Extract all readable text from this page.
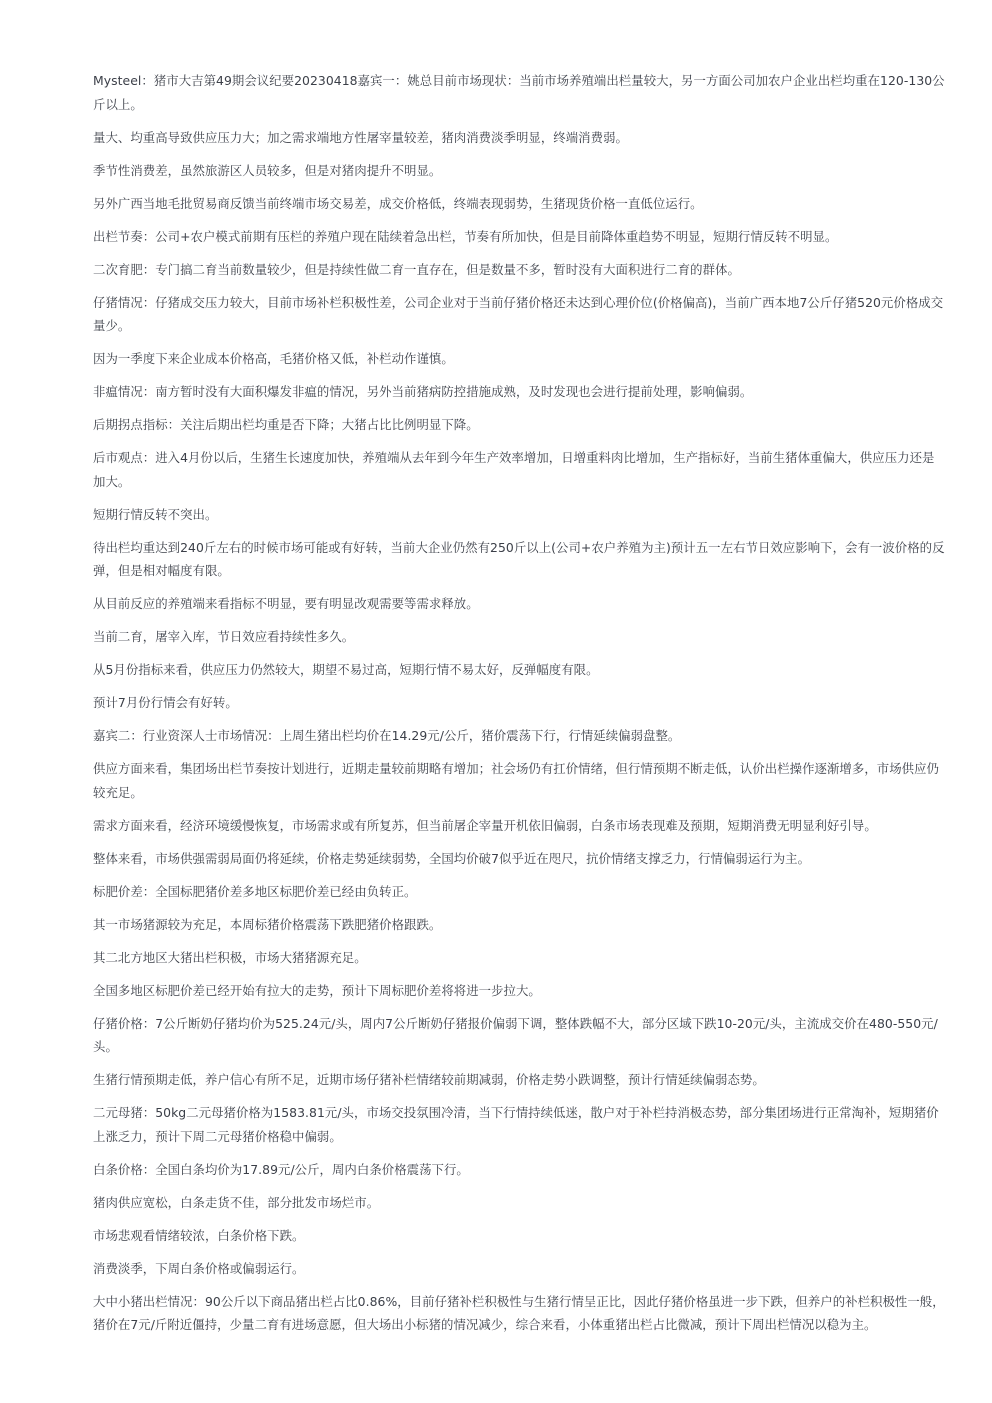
Mysteel：猪市大吉第49期会议纪要20230418嘉宾一：姚总目前市场现状：当前市场养殖端出栏量较大，另一方面公司加农户企业出栏均重在120-130公斤以上。

量大、均重高导致供应压力大；加之需求端地方性屠宰量较差，猪肉消费淡季明显，终端消费弱。

季节性消费差，虽然旅游区人员较多，但是对猪肉提升不明显。

另外广西当地毛批贸易商反馈当前终端市场交易差，成交价格低，终端表现弱势，生猪现货价格一直低位运行。

出栏节奏：公司+农户模式前期有压栏的养殖户现在陆续着急出栏，节奏有所加快，但是目前降体重趋势不明显，短期行情反转不明显。

二次育肥：专门搞二育当前数量较少，但是持续性做二育一直存在，但是数量不多，暂时没有大面积进行二育的群体。

仔猪情况：仔猪成交压力较大，目前市场补栏积极性差，公司企业对于当前仔猪价格还未达到心理价位(价格偏高)，当前广西本地7公斤仔猪520元价格成交量少。

因为一季度下来企业成本价格高，毛猪价格又低，补栏动作谨慎。

非瘟情况：南方暂时没有大面积爆发非瘟的情况，另外当前猪病防控措施成熟，及时发现也会进行提前处理，影响偏弱。

后期拐点指标：关注后期出栏均重是否下降；大猪占比比例明显下降。

后市观点：进入4月份以后，生猪生长速度加快，养殖端从去年到今年生产效率增加，日增重料肉比增加，生产指标好，当前生猪体重偏大，供应压力还是加大。

短期行情反转不突出。

待出栏均重达到240斤左右的时候市场可能或有好转，当前大企业仍然有250斤以上(公司+农户养殖为主)预计五一左右节日效应影响下，会有一波价格的反弹，但是相对幅度有限。

从目前反应的养殖端来看指标不明显，要有明显改观需要等需求释放。

当前二育，屠宰入库，节日效应看持续性多久。

从5月份指标来看，供应压力仍然较大，期望不易过高，短期行情不易太好，反弹幅度有限。

预计7月份行情会有好转。

嘉宾二：行业资深人士市场情况：上周生猪出栏均价在14.29元/公斤，猪价震荡下行，行情延续偏弱盘整。

供应方面来看，集团场出栏节奏按计划进行，近期走量较前期略有增加；社会场仍有扛价情绪，但行情预期不断走低，认价出栏操作逐渐增多，市场供应仍较充足。

需求方面来看，经济环境缓慢恢复，市场需求或有所复苏，但当前屠企宰量开机依旧偏弱，白条市场表现难及预期，短期消费无明显利好引导。

整体来看，市场供强需弱局面仍将延续，价格走势延续弱势，全国均价破7似乎近在咫尺，抗价情绪支撑乏力，行情偏弱运行为主。

标肥价差：全国标肥猪价差多地区标肥价差已经由负转正。

其一市场猪源较为充足，本周标猪价格震荡下跌肥猪价格跟跌。

其二北方地区大猪出栏积极，市场大猪猪源充足。

全国多地区标肥价差已经开始有拉大的走势，预计下周标肥价差将将进一步拉大。

仔猪价格：7公斤断奶仔猪均价为525.24元/头，周内7公斤断奶仔猪报价偏弱下调，整体跌幅不大，部分区域下跌10-20元/头，主流成交价在480-550元/头。

生猪行情预期走低，养户信心有所不足，近期市场仔猪补栏情绪较前期减弱，价格走势小跌调整，预计行情延续偏弱态势。

二元母猪：50kg二元母猪价格为1583.81元/头，市场交投氛围冷清，当下行情持续低迷，散户对于补栏持消极态势，部分集团场进行正常淘补，短期猪价上涨乏力，预计下周二元母猪价格稳中偏弱。

白条价格：全国白条均价为17.89元/公斤，周内白条价格震荡下行。

猪肉供应宽松，白条走货不佳，部分批发市场烂市。

市场悲观看情绪较浓，白条价格下跌。

消费淡季，下周白条价格或偏弱运行。

大中小猪出栏情况：90公斤以下商品猪出栏占比0.86%，目前仔猪补栏积极性与生猪行情呈正比，因此仔猪价格虽进一步下跌，但养户的补栏积极性一般，猪价在7元/斤附近僵持，少量二育有进场意愿，但大场出小标猪的情况减少，综合来看，小体重猪出栏占比微减，预计下周出栏情况以稳为主。
